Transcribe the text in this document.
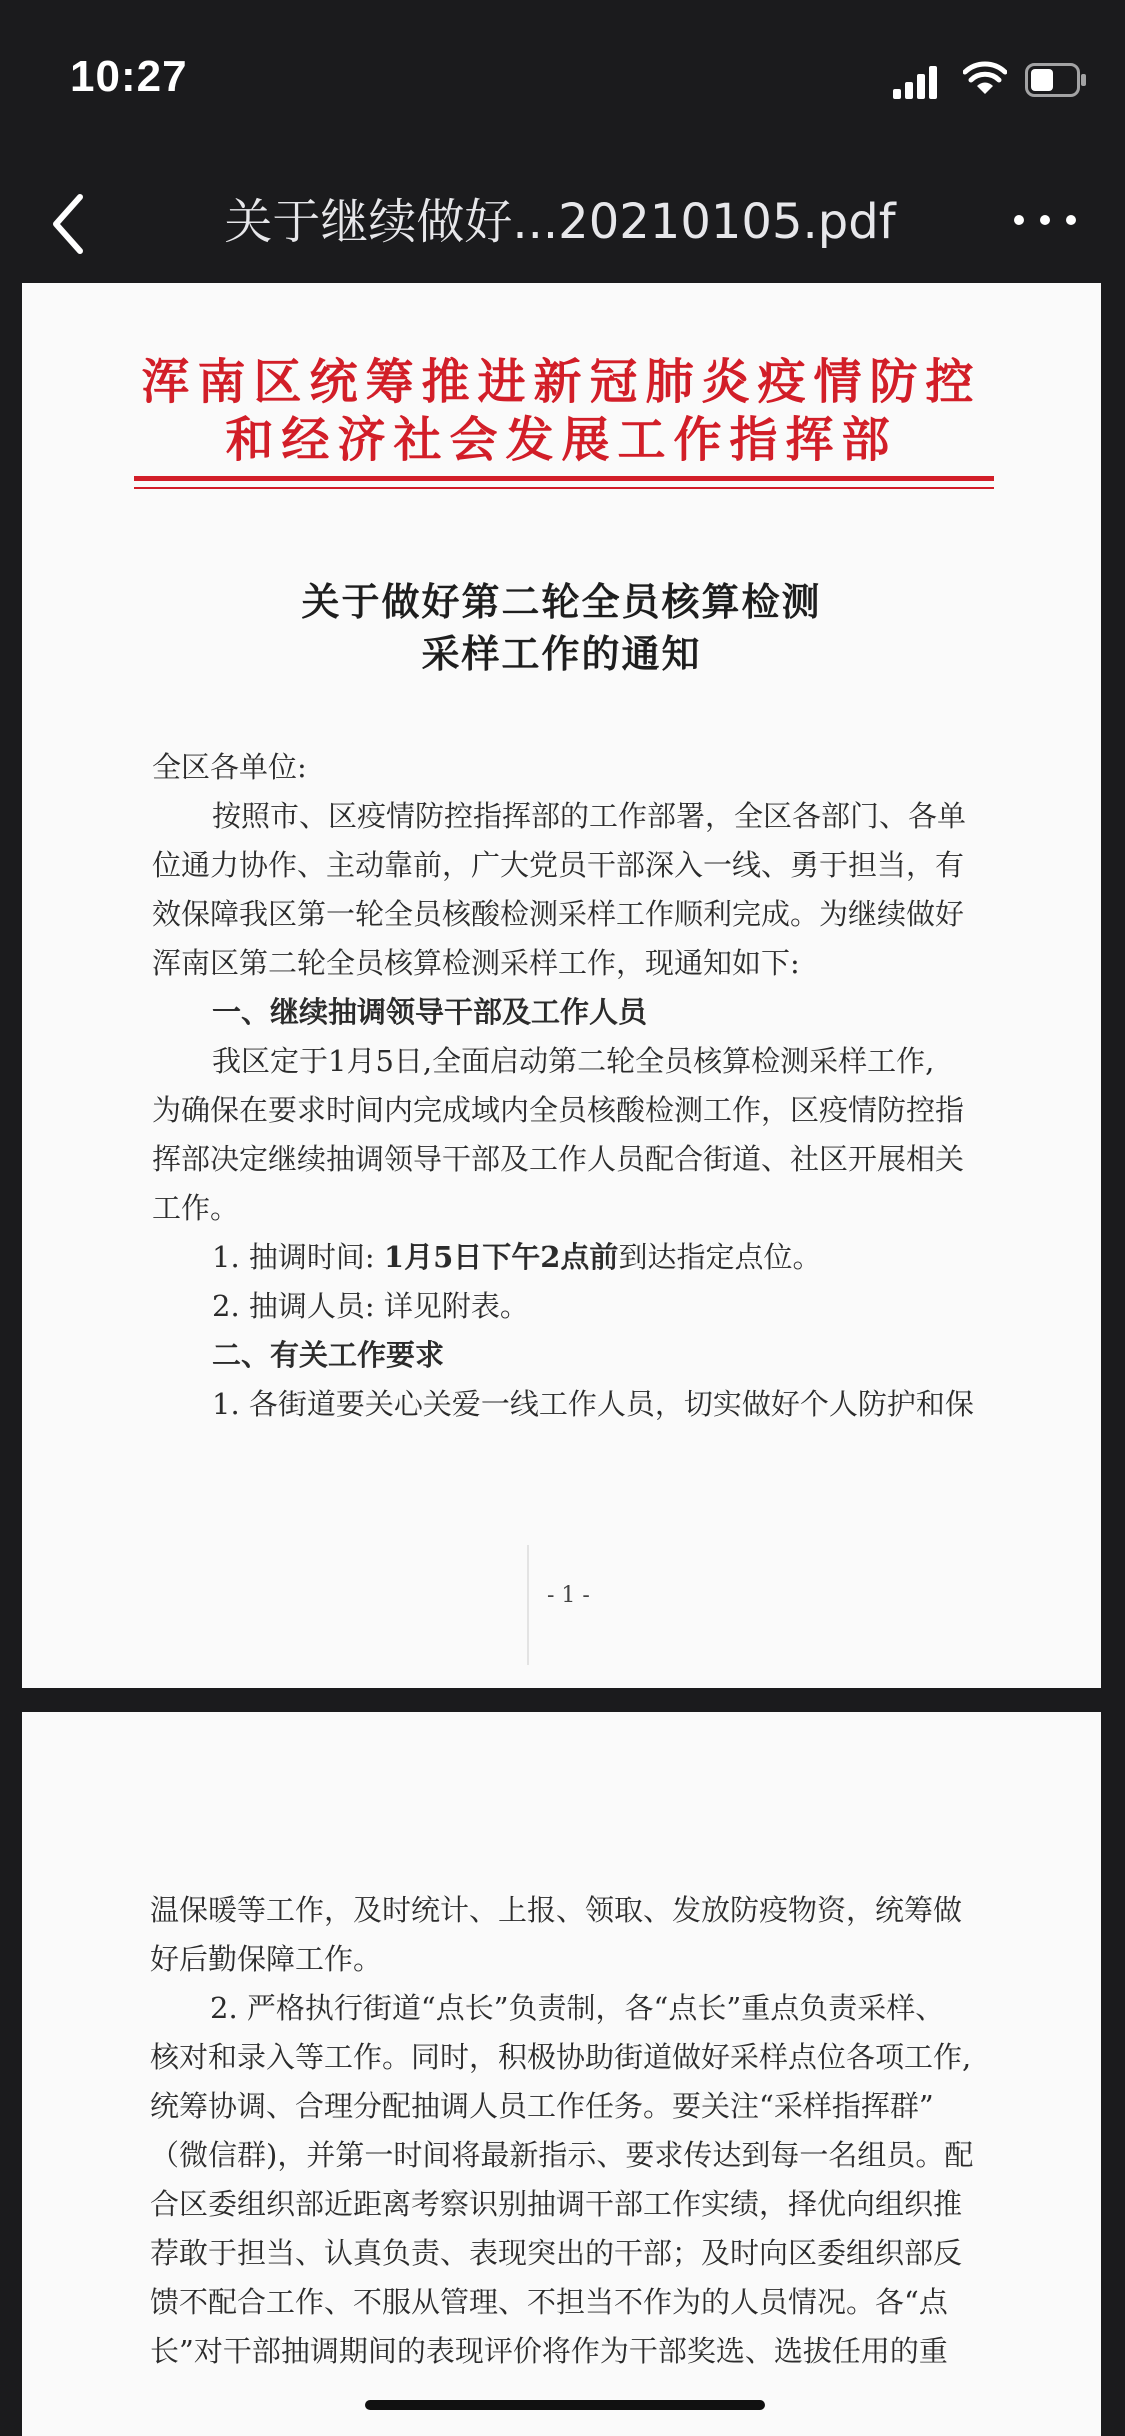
10:27
关于继续做好...20210105.pdf
浑南区统筹推进新冠肺炎疫情防控
和经济社会发展工作指挥部
关于做好第二轮全员核算检测
采样工作的通知
全区各单位:
按照市、区疫情防控指挥部的工作部署，全区各部门、各单
位通力协作、主动靠前，广大党员干部深入一线、勇于担当，有
效保障我区第一轮全员核酸检测采样工作顺利完成。为继续做好
浑南区第二轮全员核算检测采样工作，现通知如下:
一、继续抽调领导干部及工作人员
我区定于1月5日,全面启动第二轮全员核算检测采样工作,
为确保在要求时间内完成域内全员核酸检测工作，区疫情防控指
挥部决定继续抽调领导干部及工作人员配合街道、社区开展相关
工作。
1. 抽调时间: 1月5日下午2点前到达指定点位。
2. 抽调人员: 详见附表。
二、有关工作要求
1. 各街道要关心关爱一线工作人员，切实做好个人防护和保
- 1 -
温保暖等工作，及时统计、上报、领取、发放防疫物资，统筹做
好后勤保障工作。
2. 严格执行街道“点长”负责制，各“点长”重点负责采样、
核对和录入等工作。同时，积极协助街道做好采样点位各项工作,
统筹协调、合理分配抽调人员工作任务。要关注“采样指挥群”
（微信群)，并第一时间将最新指示、要求传达到每一名组员。配
合区委组织部近距离考察识别抽调干部工作实绩，择优向组织推
荐敢于担当、认真负责、表现突出的干部；及时向区委组织部反
馈不配合工作、不服从管理、不担当不作为的人员情况。各“点
长”对干部抽调期间的表现评价将作为干部奖选、选拔任用的重
